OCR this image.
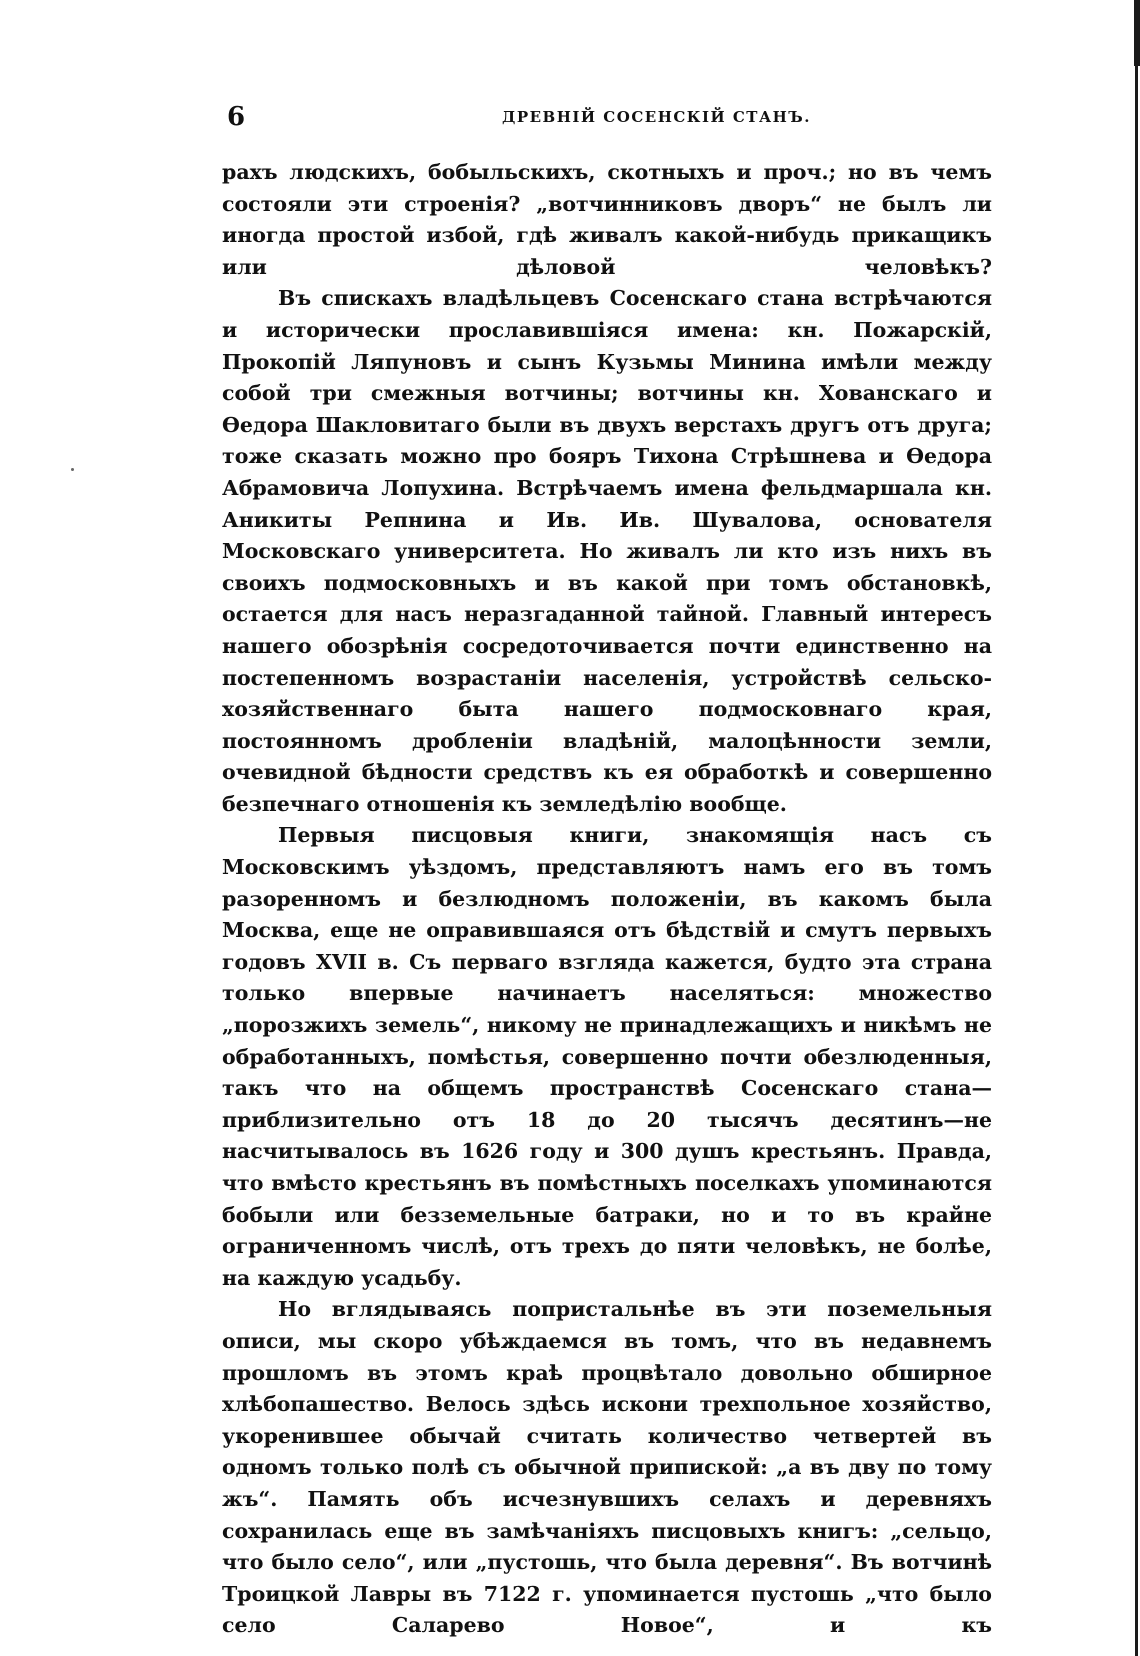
6	ДРЕВНІЙ СОСЕНСКІЙ СТАНЪ.

рахъ людскихъ, бобыльскихъ, скотныхъ и проч.; но въ чемъ состояли эти строенія? „вотчинниковъ дворъ“ не былъ ли иногда простой избой, гдѣ живалъ какой-нибудь прикащикъ или дѣловой человѣкъ?

Въ спискахъ владѣльцевъ Сосенскаго стана встрѣчаются и исторически прославившіяся имена: кн. Пожарскій, Прокопій Ляпуновъ и сынъ Кузьмы Минина имѣли между собой три смежныя вотчины; вотчины кн. Хованскаго и Ѳедора Шакловитаго были въ двухъ верстахъ другъ отъ друга; тоже сказать можно про бояръ Тихона Стрѣшнева и Ѳедора Абрамовича Лопухина. Встрѣчаемъ имена фельдмаршала кн. Аникиты Репнина и Ив. Ив. Шувалова, основателя Московскаго университета. Но живалъ ли кто изъ нихъ въ своихъ подмосковныхъ и въ какой при томъ обстановкѣ, остается для насъ неразгаданной тайной. Главный интересъ нашего обозрѣнія сосредоточивается почти единственно на постепенномъ возрастаніи населенія, устройствѣ сельско-хозяйственнаго быта нашего подмосковнаго края, постоянномъ дробленіи владѣній, малоцѣнности земли, очевидной бѣдности средствъ къ ея обработкѣ и совершенно безпечнаго отношенія къ земледѣлію вообще.

Первыя писцовыя книги, знакомящія насъ съ Московскимъ уѣздомъ, представляютъ намъ его въ томъ разоренномъ и безлюдномъ положеніи, въ какомъ была Москва, еще не оправившаяся отъ бѣдствій и смутъ первыхъ годовъ XVII в. Съ перваго взгляда кажется, будто эта страна только впервые начинаетъ населяться: множество „порозжихъ земель“, никому не принадлежащихъ и никѣмъ не обработанныхъ, помѣстья, совершенно почти обезлюденныя, такъ что на общемъ пространствѣ Сосенскаго стана—приблизительно отъ 18 до 20 тысячъ десятинъ—не насчитывалось въ 1626 году и 300 душъ крестьянъ. Правда, что вмѣсто крестьянъ въ помѣстныхъ поселкахъ упоминаются бобыли или безземельные батраки, но и то въ крайне ограниченномъ числѣ, отъ трехъ до пяти человѣкъ, не болѣе, на каждую усадьбу.

Но вглядываясь попристальнѣе въ эти поземельныя описи, мы скоро убѣждаемся въ томъ, что въ недавнемъ прошломъ въ этомъ краѣ процвѣтало довольно обширное хлѣбопашество. Велось здѣсь искони трехпольное хозяйство, укоренившее обычай считать количество четвертей въ одномъ только полѣ съ обычной припиской: „а въ дву по тому жъ“. Память объ исчезнувшихъ селахъ и деревняхъ сохранилась еще въ замѣчаніяхъ писцовыхъ книгъ: „сельцо, что было село“, или „пустошь, что была деревня“. Въ вотчинѣ Троицкой Лавры въ 7122 г. упоминается пустошь „что было село Саларево Новое“, и къ
